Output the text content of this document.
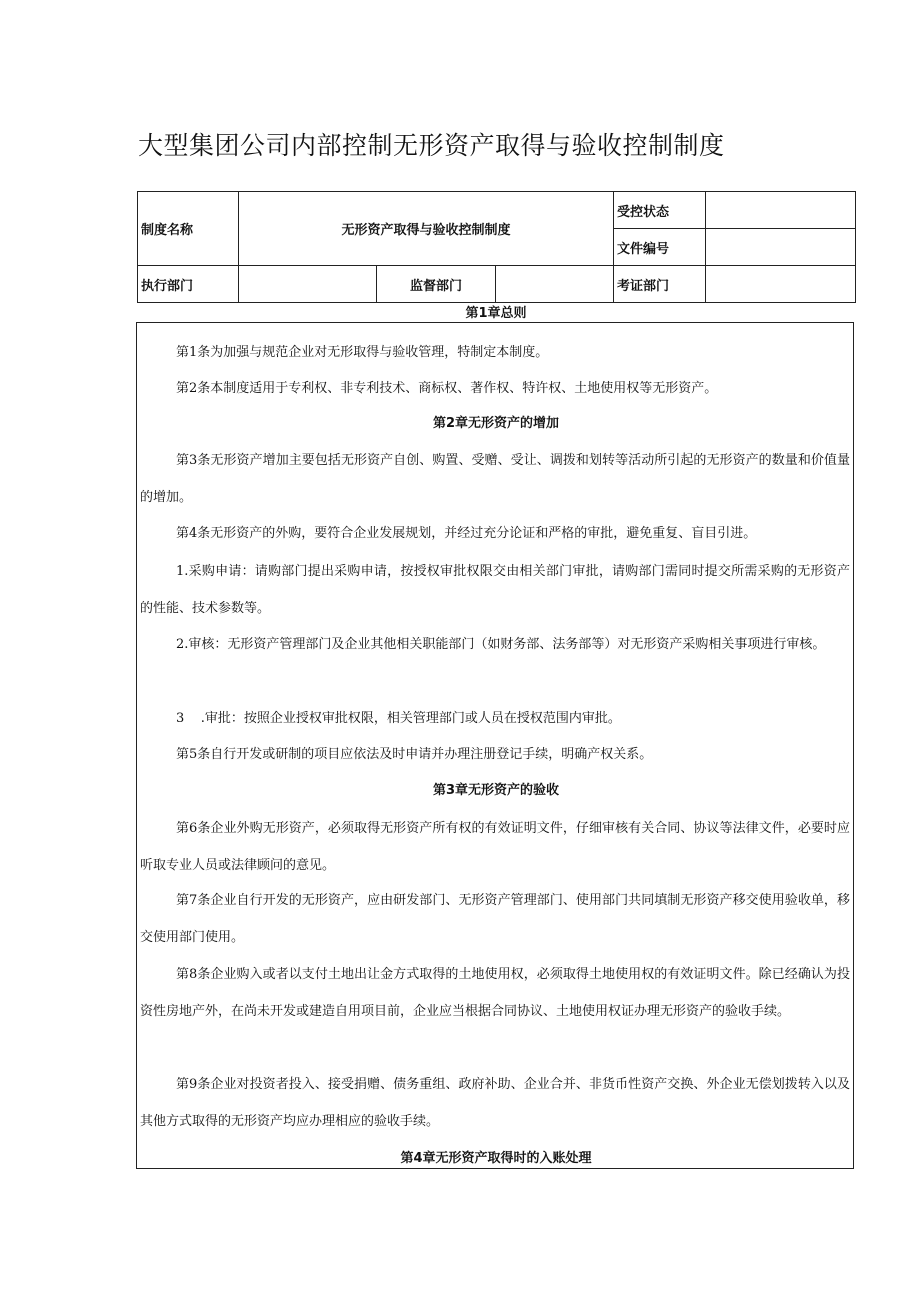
大型集团公司内部控制无形资产取得与验收控制制度
制度名称	无形资产取得与验收控制制度			受控状态	
				文件编号	
执行部门		监督部门		考证部门	
第1章总则
第1条为加强与规范企业对无形取得与验收管理，特制定本制度。
第2条本制度适用于专利权、非专利技术、商标权、著作权、特许权、土地使用权等无形资产。
第2章无形资产的增加
第3条无形资产增加主要包括无形资产自创、购置、受赠、受让、调拨和划转等活动所引起的无形资产的数量和价值量的增加。
第4条无形资产的外购，要符合企业发展规划，并经过充分论证和严格的审批，避免重复、盲目引进。
1.采购申请：请购部门提出采购申请，按授权审批权限交由相关部门审批，请购部门需同时提交所需采购的无形资产的性能、技术参数等。
2.审核：无形资产管理部门及企业其他相关职能部门（如财务部、法务部等）对无形资产采购相关事项进行审核。
3    .审批：按照企业授权审批权限，相关管理部门或人员在授权范围内审批。
第5条自行开发或研制的项目应依法及时申请并办理注册登记手续，明确产权关系。
第3章无形资产的验收
第6条企业外购无形资产，必须取得无形资产所有权的有效证明文件，仔细审核有关合同、协议等法律文件，必要时应听取专业人员或法律顾问的意见。
第7条企业自行开发的无形资产，应由研发部门、无形资产管理部门、使用部门共同填制无形资产移交使用验收单，移交使用部门使用。
第8条企业购入或者以支付土地出让金方式取得的土地使用权，必须取得土地使用权的有效证明文件。除已经确认为投资性房地产外，在尚未开发或建造自用项目前，企业应当根据合同协议、土地使用权证办理无形资产的验收手续。
第9条企业对投资者投入、接受捐赠、债务重组、政府补助、企业合并、非货币性资产交换、外企业无偿划拨转入以及其他方式取得的无形资产均应办理相应的验收手续。
第4章无形资产取得时的入账处理
